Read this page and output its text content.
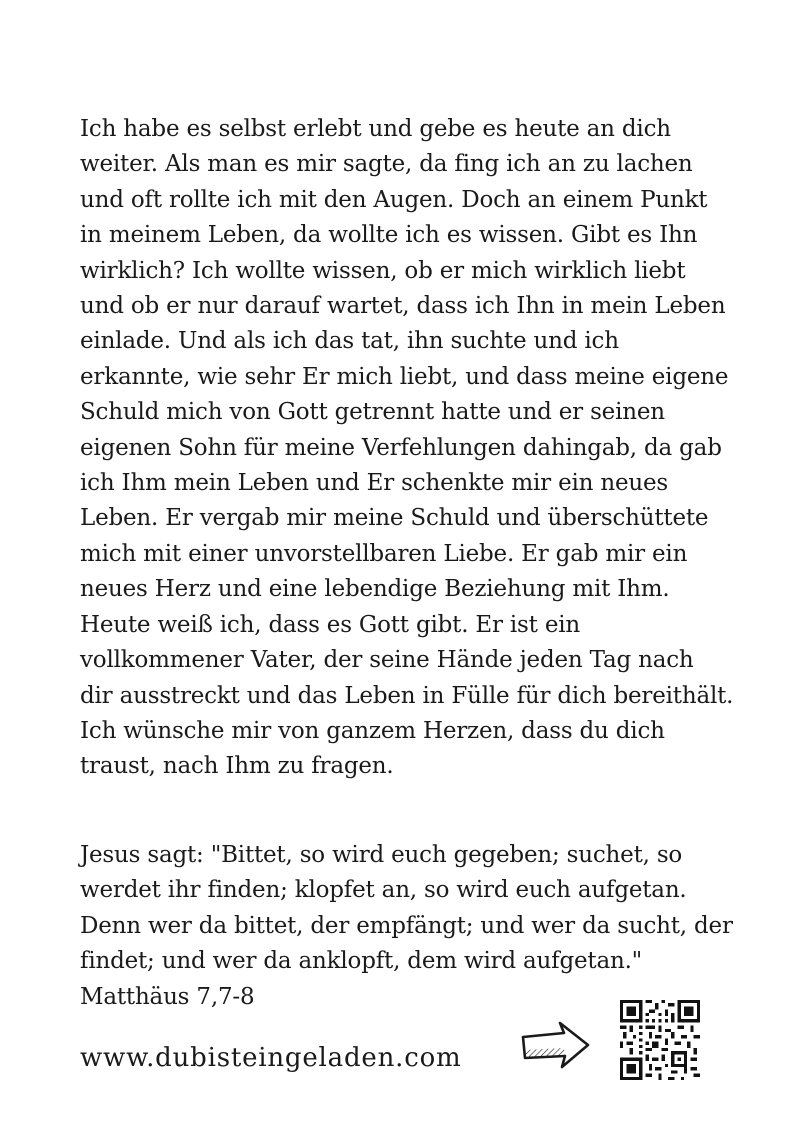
Ich habe es selbst erlebt und gebe es heute an dich
weiter. Als man es mir sagte, da fing ich an zu lachen
und oft rollte ich mit den Augen. Doch an einem Punkt
in meinem Leben, da wollte ich es wissen. Gibt es Ihn
wirklich? Ich wollte wissen, ob er mich wirklich liebt
und ob er nur darauf wartet, dass ich Ihn in mein Leben
einlade. Und als ich das tat, ihn suchte und ich
erkannte, wie sehr Er mich liebt, und dass meine eigene
Schuld mich von Gott getrennt hatte und er seinen
eigenen Sohn für meine Verfehlungen dahingab, da gab
ich Ihm mein Leben und Er schenkte mir ein neues
Leben. Er vergab mir meine Schuld und überschüttete
mich mit einer unvorstellbaren Liebe. Er gab mir ein
neues Herz und eine lebendige Beziehung mit Ihm.
Heute weiß ich, dass es Gott gibt. Er ist ein
vollkommener Vater, der seine Hände jeden Tag nach
dir ausstreckt und das Leben in Fülle für dich bereithält.
Ich wünsche mir von ganzem Herzen, dass du dich
traust, nach Ihm zu fragen.
Jesus sagt: "Bittet, so wird euch gegeben; suchet, so
werdet ihr finden; klopfet an, so wird euch aufgetan.
Denn wer da bittet, der empfängt; und wer da sucht, der
findet; und wer da anklopft, dem wird aufgetan."
Matthäus 7,7-8
www.dubisteingeladen.com
